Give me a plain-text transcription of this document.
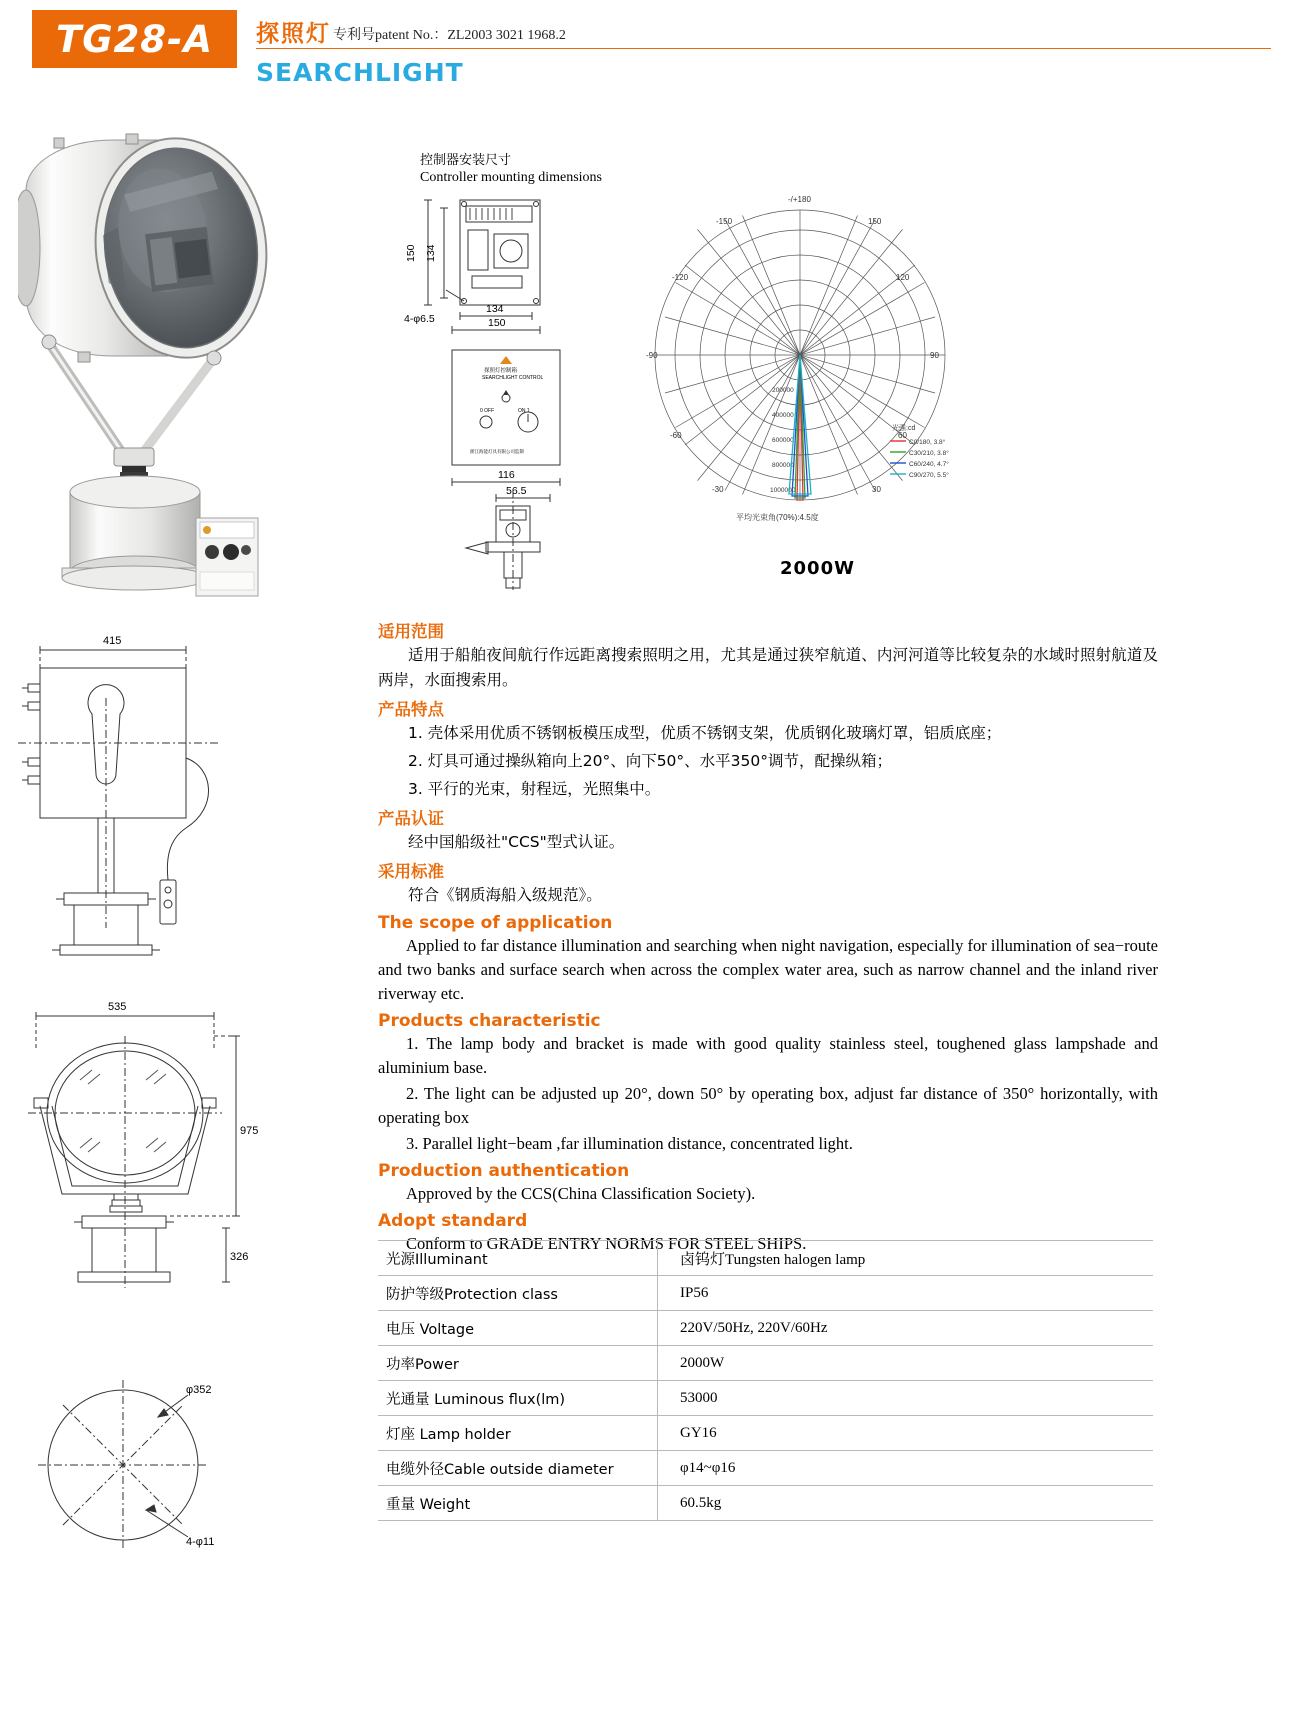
TG28-A	探照灯 专利号patent No.：ZL2003 3021 1968.2
SEARCHLIGHT
415
535
975
326
φ352
4-φ11
控制器安装尺寸
Controller mounting dimensions
150 134
4-φ6.5
134
150
探照灯控制箱
SEARCHLIGHT CONTROL
0 OFF	ON 1
浙江海能灯具有限公司监制
116
56.5
-/+180
-150	150
-120	120
-90	90
-60	60
-30	30
200000
400000
600000
800000
1000000
光强:cd
C0/180, 3.8°
C30/210, 3.8°
C60/240, 4.7°
C90/270, 5.5°
平均光束角(70%):4.5度
2000W
适用范围
适用于船舶夜间航行作远距离搜索照明之用，尤其是通过狭窄航道、内河河道等比较复杂的水域时照射航道及两岸，水面搜索用。
产品特点
1. 壳体采用优质不锈钢板模压成型，优质不锈钢支架，优质钢化玻璃灯罩，铝质底座；
2. 灯具可通过操纵箱向上20°、向下50°、水平350°调节，配操纵箱；
3. 平行的光束，射程远，光照集中。
产品认证
经中国船级社"CCS"型式认证。
采用标准
符合《钢质海船入级规范》。
The scope of application
Applied to far distance illumination and searching when night navigation, especially for illumination of sea−route and two banks and surface search when across the complex water area, such as narrow channel and the inland river riverway etc.
Products characteristic
1. The lamp body and bracket is made with good quality stainless steel, toughened glass lampshade and aluminium base.
2. The light can be adjusted up 20°, down 50° by operating box, adjust far distance of 350° horizontally, with operating box
3. Parallel light−beam ,far illumination distance, concentrated light.
Production authentication
Approved by the CCS(China Classification Society).
Adopt standard
Conform to GRADE ENTRY NORMS FOR STEEL SHIPS.
光源Illuminant	卤钨灯Tungsten halogen lamp
防护等级Protection class	IP56
电压 Voltage	220V/50Hz, 220V/60Hz
功率Power	2000W
光通量 Luminous flux(lm)	53000
灯座 Lamp holder	GY16
电缆外径Cable outside diameter	φ14~φ16
重量 Weight	60.5kg
